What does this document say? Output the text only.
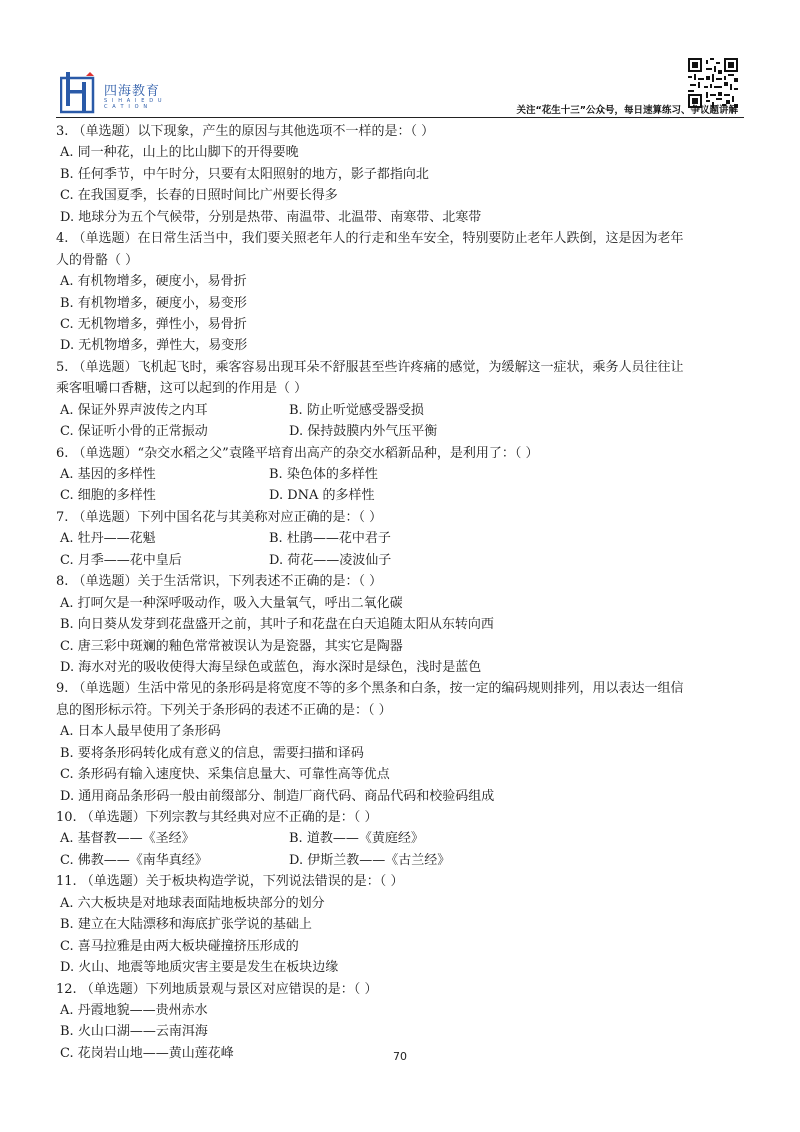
四海教育
S I H A I E D U C A T I O N	关注“花生十三”公众号，每日速算练习、争议题讲解
3. （单选题）以下现象，产生的原因与其他选项不一样的是：（ ）
A. 同一种花，山上的比山脚下的开得要晚
B. 任何季节，中午时分，只要有太阳照射的地方，影子都指向北
C. 在我国夏季，长春的日照时间比广州要长得多
D. 地球分为五个气候带，分别是热带、南温带、北温带、南寒带、北寒带
4. （单选题）在日常生活当中，我们要关照老年人的行走和坐车安全，特别要防止老年人跌倒，这是因为老年
人的骨骼（ ）
A. 有机物增多，硬度小，易骨折
B. 有机物增多，硬度小，易变形
C. 无机物增多，弹性小，易骨折
D. 无机物增多，弹性大，易变形
5. （单选题）飞机起飞时，乘客容易出现耳朵不舒服甚至些许疼痛的感觉，为缓解这一症状，乘务人员往往让
乘客咀嚼口香糖，这可以起到的作用是（ ）
A. 保证外界声波传之内耳	B. 防止听觉感受器受损
C. 保证听小骨的正常振动	D. 保持鼓膜内外气压平衡
6. （单选题）“杂交水稻之父”袁隆平培育出高产的杂交水稻新品种，是利用了：（ ）
A. 基因的多样性	B. 染色体的多样性
C. 细胞的多样性	D. DNA 的多样性
7. （单选题）下列中国名花与其美称对应正确的是：（ ）
A. 牡丹——花魁	B. 杜鹃——花中君子
C. 月季——花中皇后	D. 荷花——凌波仙子
8. （单选题）关于生活常识，下列表述不正确的是：（ ）
A. 打呵欠是一种深呼吸动作，吸入大量氧气，呼出二氧化碳
B. 向日葵从发芽到花盘盛开之前，其叶子和花盘在白天追随太阳从东转向西
C. 唐三彩中斑斓的釉色常常被误认为是瓷器，其实它是陶器
D. 海水对光的吸收使得大海呈绿色或蓝色，海水深时是绿色，浅时是蓝色
9. （单选题）生活中常见的条形码是将宽度不等的多个黑条和白条，按一定的编码规则排列，用以表达一组信
息的图形标示符。下列关于条形码的表述不正确的是：（ ）
A. 日本人最早使用了条形码
B. 要将条形码转化成有意义的信息，需要扫描和译码
C. 条形码有输入速度快、采集信息量大、可靠性高等优点
D. 通用商品条形码一般由前缀部分、制造厂商代码、商品代码和校验码组成
10. （单选题）下列宗教与其经典对应不正确的是：（ ）
A. 基督教——《圣经》	B. 道教——《黄庭经》
C. 佛教——《南华真经》	D. 伊斯兰教——《古兰经》
11. （单选题）关于板块构造学说，下列说法错误的是：（ ）
A. 六大板块是对地球表面陆地板块部分的划分
B. 建立在大陆漂移和海底扩张学说的基础上
C. 喜马拉雅是由两大板块碰撞挤压形成的
D. 火山、地震等地质灾害主要是发生在板块边缘
12. （单选题）下列地质景观与景区对应错误的是：（ ）
A. 丹霞地貌——贵州赤水
B. 火山口湖——云南洱海
C. 花岗岩山地——黄山莲花峰	70
